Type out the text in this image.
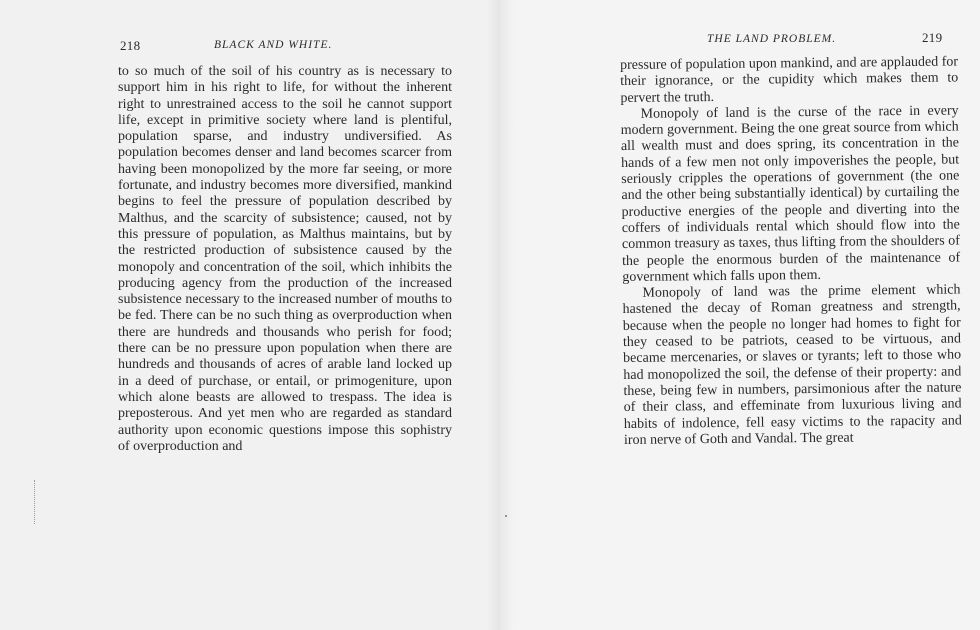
218	BLACK AND WHITE.	THE LAND PROBLEM.	219

to so much of the soil of his country as is necessary to support him in his right to life, for without the inherent right to unrestrained access to the soil he cannot support life, except in primitive society where land is plentiful, population sparse, and industry undiversified. As population becomes denser and land becomes scarcer from having been monopolized by the more far seeing, or more fortunate, and industry becomes more diversified, mankind begins to feel the pressure of population described by Malthus, and the scarcity of subsistence; caused, not by this pressure of population, as Malthus maintains, but by the restricted production of subsistence caused by the monopoly and concentration of the soil, which inhibits the producing agency from the production of the increased subsistence necessary to the increased number of mouths to be fed. There can be no such thing as overproduction when there are hundreds and thousands who perish for food; there can be no pressure upon population when there are hundreds and thousands of acres of arable land locked up in a deed of purchase, or entail, or primogeniture, upon which alone beasts are allowed to trespass. The idea is preposterous. And yet men who are regarded as standard authority upon economic questions impose this sophistry of overproduction and

pressure of population upon mankind, and are applauded for their ignorance, or the cupidity which makes them to pervert the truth.

Monopoly of land is the curse of the race in every modern government. Being the one great source from which all wealth must and does spring, its concentration in the hands of a few men not only impoverishes the people, but seriously cripples the operations of government (the one and the other being substantially identical) by curtailing the productive energies of the people and diverting into the coffers of individuals rental which should flow into the common treasury as taxes, thus lifting from the shoulders of the people the enormous burden of the maintenance of government which falls upon them.

Monopoly of land was the prime element which hastened the decay of Roman greatness and strength, because when the people no longer had homes to fight for they ceased to be patriots, ceased to be virtuous, and became mercenaries, or slaves or tyrants; left to those who had monopolized the soil, the defense of their property: and these, being few in numbers, parsimonious after the nature of their class, and effeminate from luxurious living and habits of indolence, fell easy victims to the rapacity and iron nerve of Goth and Vandal. The great
